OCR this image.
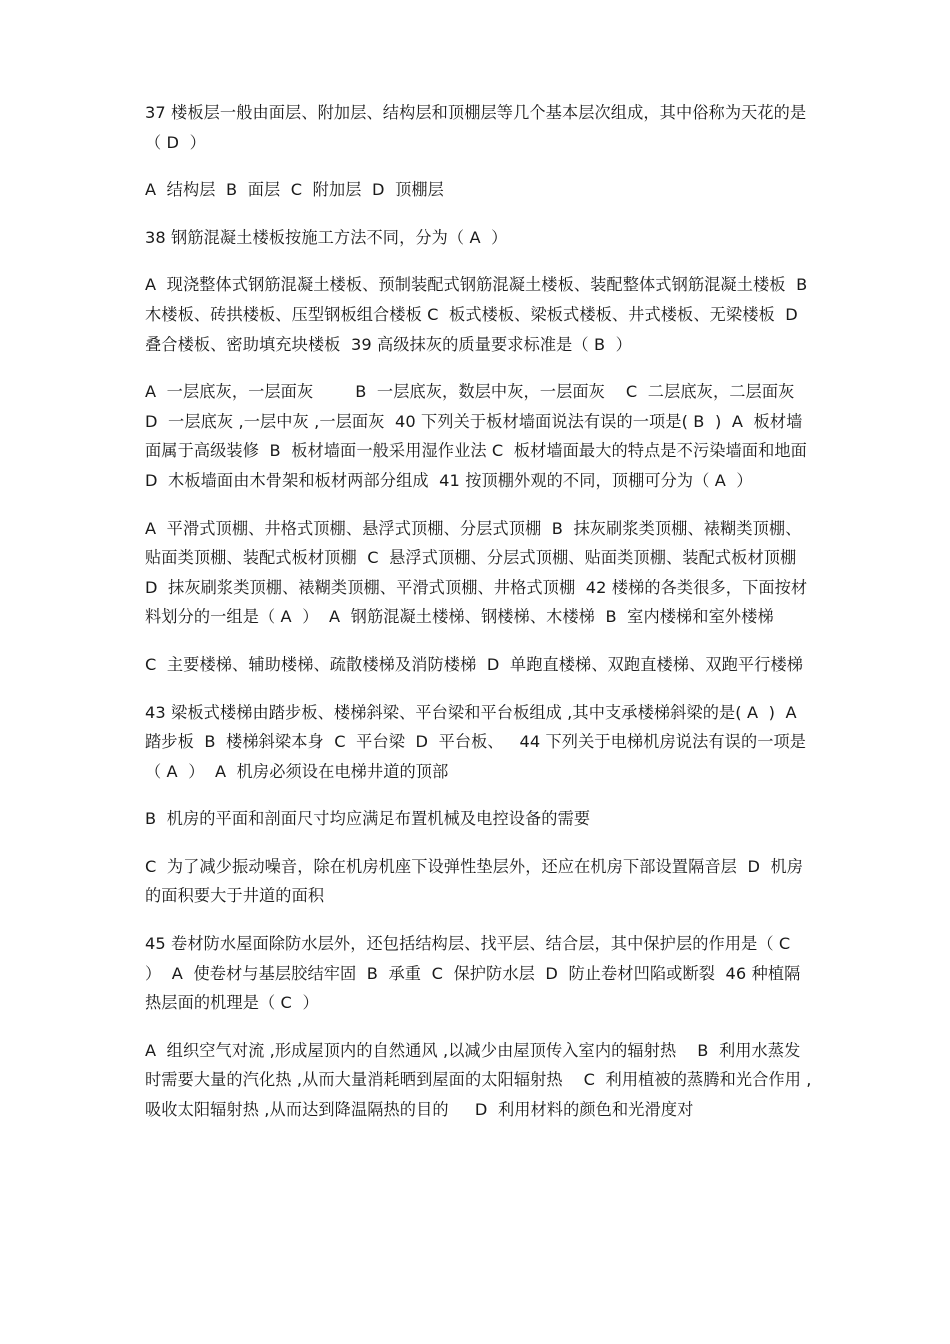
37 楼板层一般由面层、附加层、结构层和顶棚层等几个基本层次组成，其中俗称为天花的是（ D  ）

A  结构层  B  面层  C  附加层  D  顶棚层

38 钢筋混凝土楼板按施工方法不同，分为（ A  ）

A  现浇整体式钢筋混凝土楼板、预制装配式钢筋混凝土楼板、装配整体式钢筋混凝土楼板  B  木楼板、砖拱楼板、压型钢板组合楼板 C  板式楼板、梁板式楼板、井式楼板、无梁楼板  D  叠合楼板、密助填充块楼板  39 高级抹灰的质量要求标准是（ B  ）

A  一层底灰，一层面灰        B  一层底灰，数层中灰，一层面灰    C  二层底灰，二层面灰          D  一层底灰 ,一层中灰 ,一层面灰  40 下列关于板材墙面说法有误的一项是( B  )  A  板材墙面属于高级装修  B  板材墙面一般采用湿作业法 C  板材墙面最大的特点是不污染墙面和地面  D  木板墙面由木骨架和板材两部分组成  41 按顶棚外观的不同，顶棚可分为（ A  ）

A  平滑式顶棚、井格式顶棚、悬浮式顶棚、分层式顶棚  B  抹灰刷浆类顶棚、裱糊类顶棚、贴面类顶棚、装配式板材顶棚  C  悬浮式顶棚、分层式顶棚、贴面类顶棚、装配式板材顶棚  D  抹灰刷浆类顶棚、裱糊类顶棚、平滑式顶棚、井格式顶棚  42 楼梯的各类很多，下面按材料划分的一组是（ A  ）  A  钢筋混凝土楼梯、钢楼梯、木楼梯  B  室内楼梯和室外楼梯

C  主要楼梯、辅助楼梯、疏散楼梯及消防楼梯  D  单跑直楼梯、双跑直楼梯、双跑平行楼梯

43 梁板式楼梯由踏步板、楼梯斜梁、平台梁和平台板组成 ,其中支承楼梯斜梁的是( A  )  A  踏步板  B  楼梯斜梁本身  C  平台梁  D  平台板、   44 下列关于电梯机房说法有误的一项是（ A  ）  A  机房必须设在电梯井道的顶部

B  机房的平面和剖面尺寸均应满足布置机械及电控设备的需要

C  为了减少振动噪音，除在机房机座下设弹性垫层外，还应在机房下部设置隔音层  D  机房的面积要大于井道的面积

45 卷材防水屋面除防水层外，还包括结构层、找平层、结合层，其中保护层的作用是（ C  ）  A  使卷材与基层胶结牢固  B  承重  C  保护防水层  D  防止卷材凹陷或断裂  46 种植隔热层面的机理是（ C  ）

A  组织空气对流 ,形成屋顶内的自然通风 ,以减少由屋顶传入室内的辐射热    B  利用水蒸发时需要大量的汽化热 ,从而大量消耗晒到屋面的太阳辐射热    C  利用植被的蒸腾和光合作用 ,吸收太阳辐射热 ,从而达到降温隔热的目的     D  利用材料的颜色和光滑度对
